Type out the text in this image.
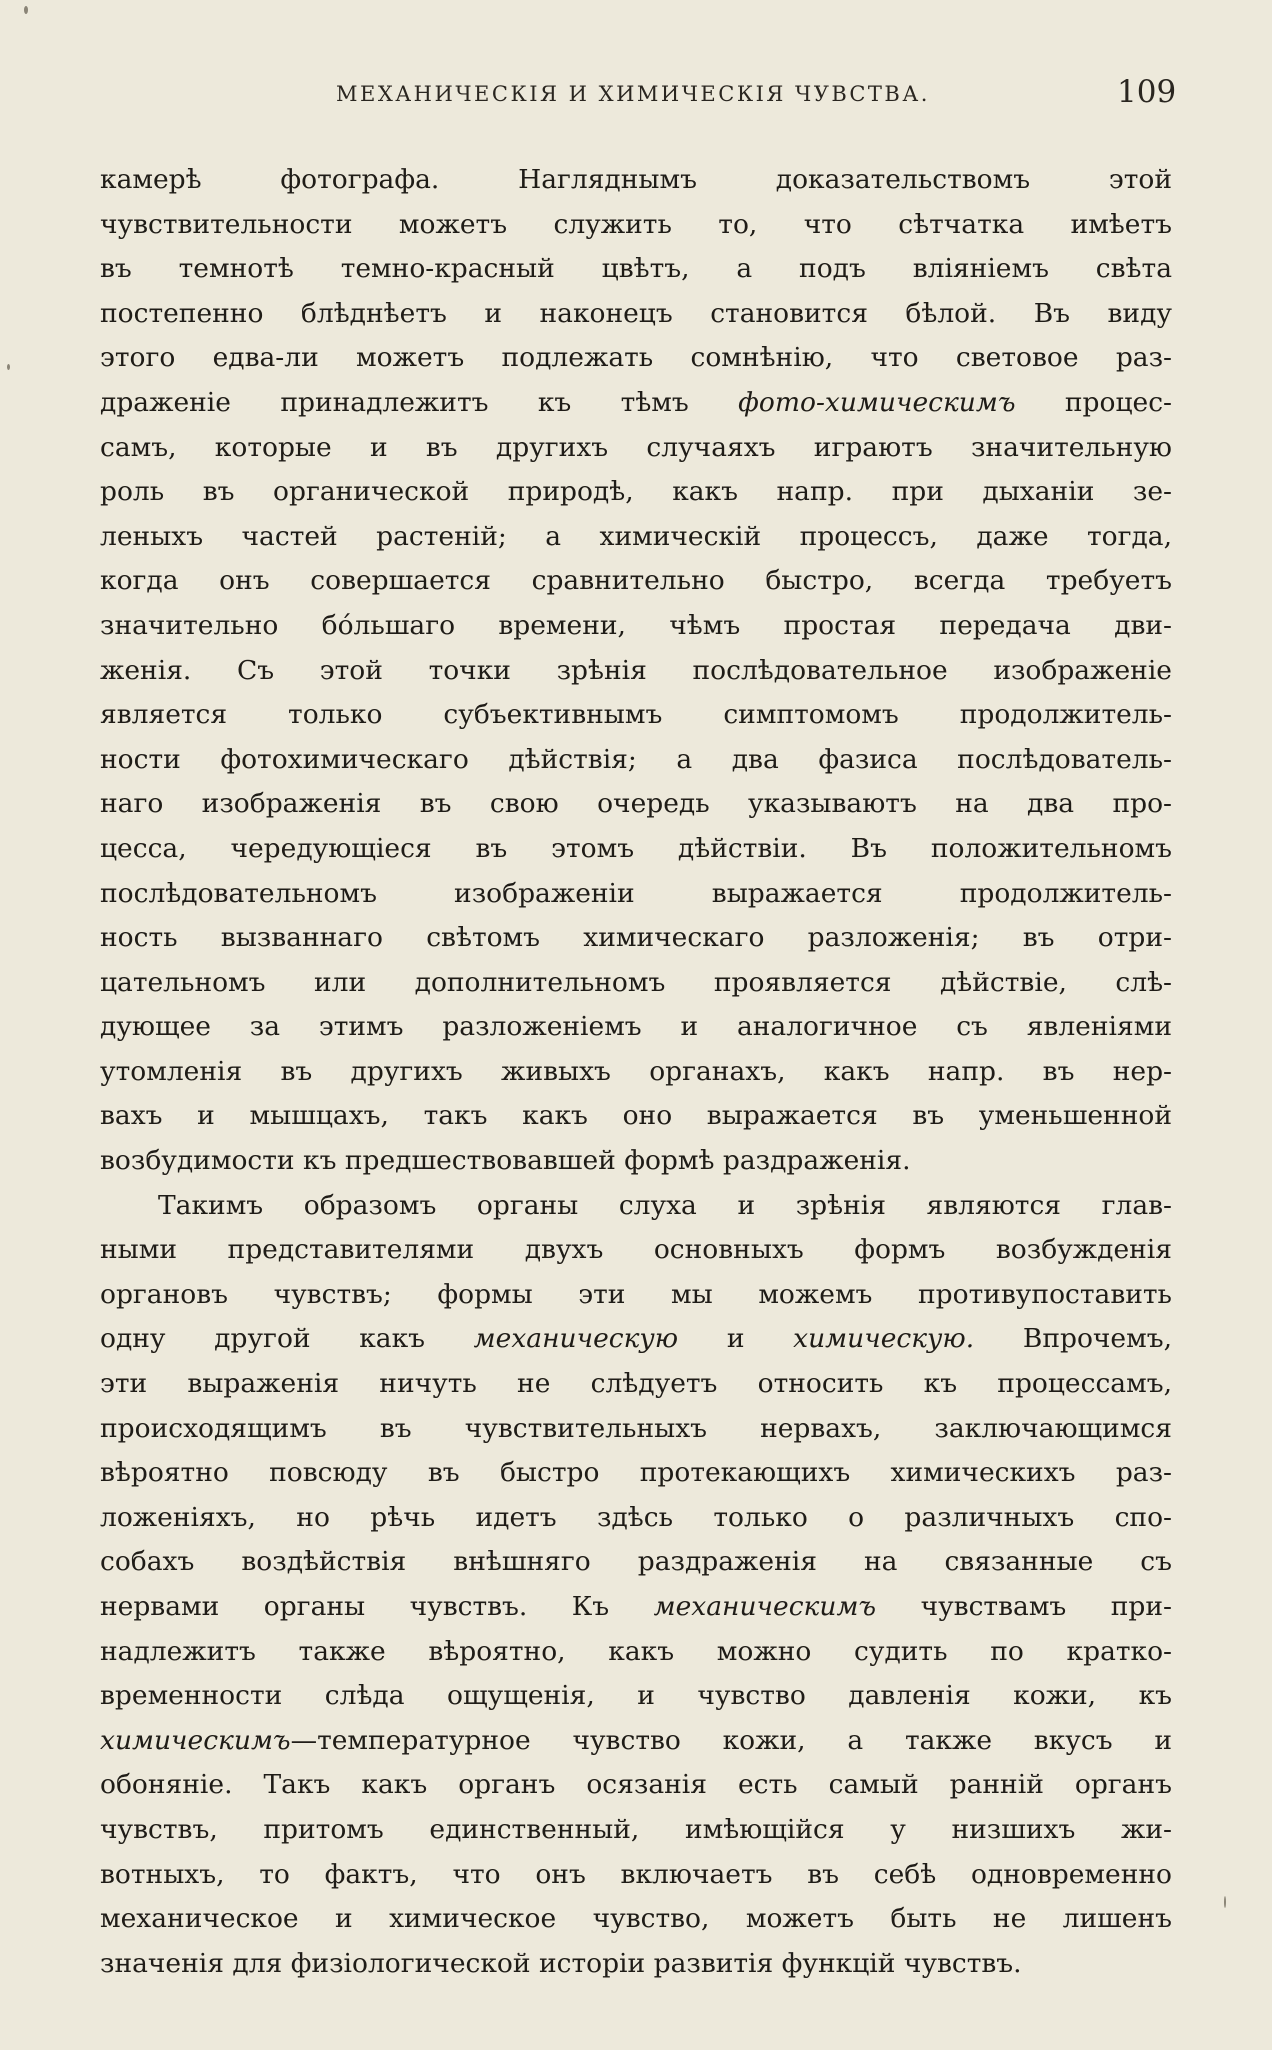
МЕХАНИЧЕСКІЯ И ХИМИЧЕСКІЯ ЧУВСТВА.	109
камерѣ фотографа. Нагляднымъ доказательствомъ этой
чувствительности можетъ служить то, что сѣтчатка имѣетъ
въ темнотѣ темно-красный цвѣтъ, а подъ вліяніемъ свѣта
постепенно блѣднѣетъ и наконецъ становится бѣлой. Въ виду
этого едва-ли можетъ подлежать сомнѣнію, что световое раз-
драженіе принадлежитъ къ тѣмъ фото-химическимъ процес-
самъ, которые и въ другихъ случаяхъ играютъ значительную
роль въ органической природѣ, какъ напр. при дыханіи зе-
леныхъ частей растеній; а химическій процессъ, даже тогда,
когда онъ совершается сравнительно быстро, всегда требуетъ
значительно бóльшаго времени, чѣмъ простая передача дви-
женія. Съ этой точки зрѣнія послѣдовательное изображеніе
является только субъективнымъ симптомомъ продолжитель-
ности фотохимическаго дѣйствія; а два фазиса послѣдователь-
наго изображенія въ свою очередь указываютъ на два про-
цесса, чередующіеся въ этомъ дѣйствіи. Въ положительномъ
послѣдовательномъ изображеніи выражается продолжитель-
ность вызваннаго свѣтомъ химическаго разложенія; въ отри-
цательномъ или дополнительномъ проявляется дѣйствіе, слѣ-
дующее за этимъ разложеніемъ и аналогичное съ явленіями
утомленія въ другихъ живыхъ органахъ, какъ напр. въ нер-
вахъ и мышцахъ, такъ какъ оно выражается въ уменьшенной
возбудимости къ предшествовавшей формѣ раздраженія.
Такимъ образомъ органы слуха и зрѣнія являются глав-
ными представителями двухъ основныхъ формъ возбужденія
органовъ чувствъ; формы эти мы можемъ противупоставить
одну другой какъ механическую и химическую. Впрочемъ,
эти выраженія ничуть не слѣдуетъ относить къ процессамъ,
происходящимъ въ чувствительныхъ нервахъ, заключающимся
вѣроятно повсюду въ быстро протекающихъ химическихъ раз-
ложеніяхъ, но рѣчь идетъ здѣсь только о различныхъ спо-
собахъ воздѣйствія внѣшняго раздраженія на связанные съ
нервами органы чувствъ. Къ механическимъ чувствамъ при-
надлежитъ также вѣроятно, какъ можно судить по кратко-
временности слѣда ощущенія, и чувство давленія кожи, къ
химическимъ—температурное чувство кожи, а также вкусъ и
обоняніе. Такъ какъ органъ осязанія есть самый ранній органъ
чувствъ, притомъ единственный, имѣющійся у низшихъ жи-
вотныхъ, то фактъ, что онъ включаетъ въ себѣ одновременно
механическое и химическое чувство, можетъ быть не лишенъ
значенія для физіологической исторіи развитія функцій чувствъ.
